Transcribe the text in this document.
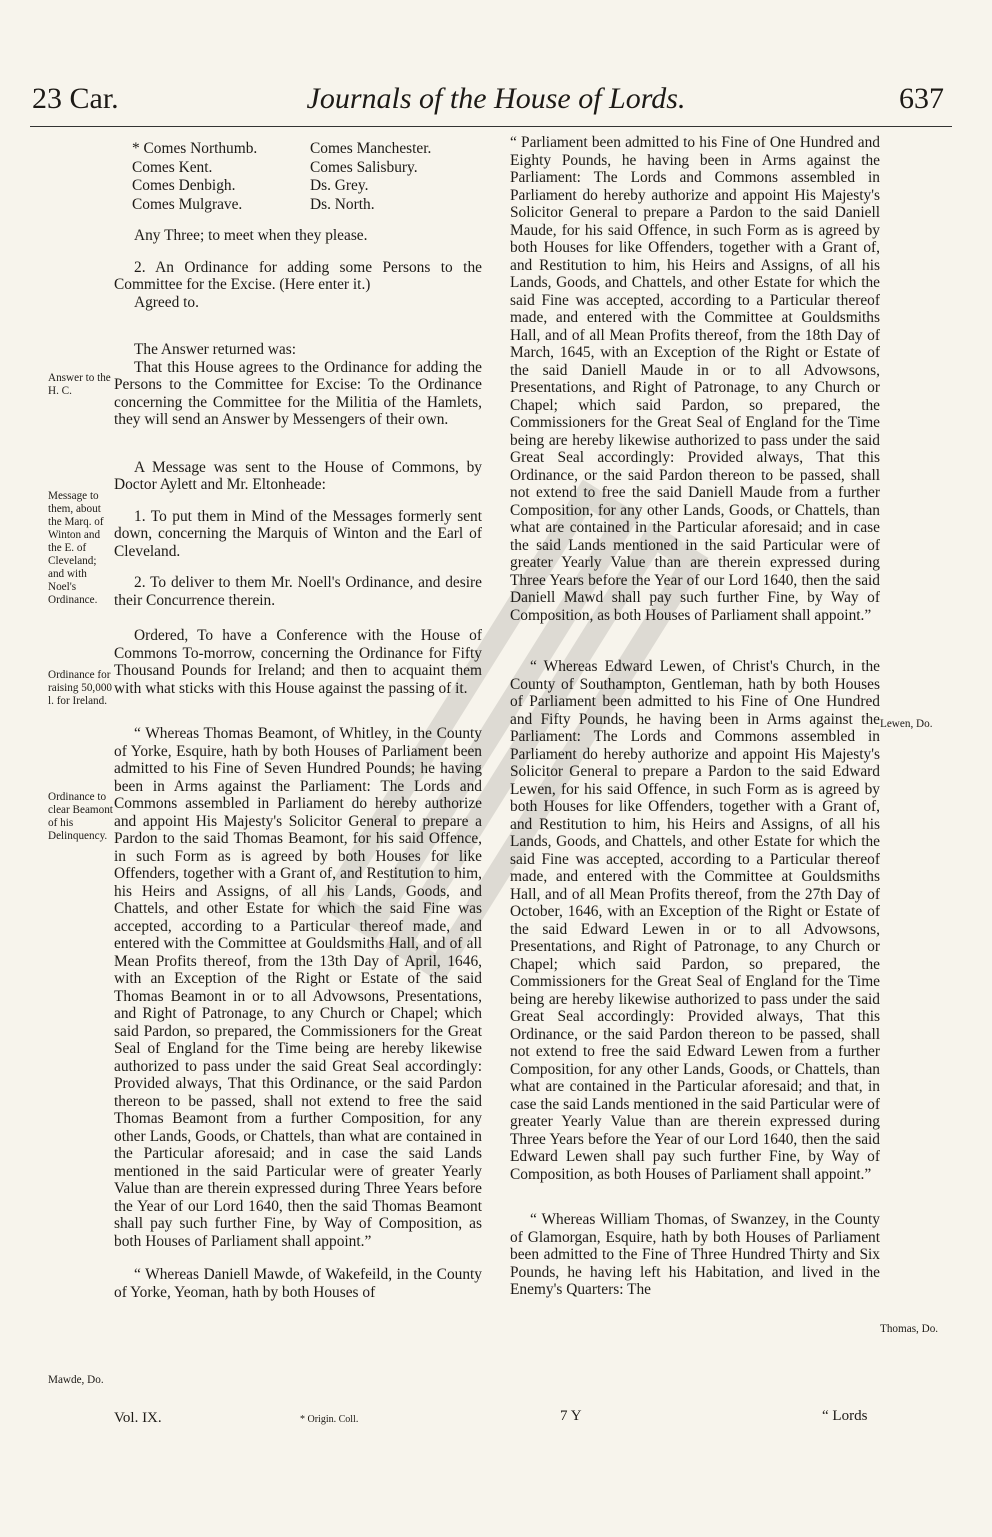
23 Car.	Journals of the House of Lords.	637
* Comes Northumb.	Comes Manchester.
Comes Kent.	Comes Salisbury.
Comes Denbigh.	Ds. Grey.
Comes Mulgrave.	Ds. North.

Any Three; to meet when they please.

2. An Ordinance for adding some Persons to the Committee for the Excise. (Here enter it.)

Agreed to.

The Answer returned was:

That this House agrees to the Ordinance for adding the Persons to the Committee for Excise: To the Ordinance concerning the Committee for the Militia of the Hamlets, they will send an Answer by Messengers of their own.

A Message was sent to the House of Commons, by Doctor Aylett and Mr. Eltonheade:

1. To put them in Mind of the Messages formerly sent down, concerning the Marquis of Winton and the Earl of Cleveland.

2. To deliver to them Mr. Noell's Ordinance, and desire their Concurrence therein.

Ordered, To have a Conference with the House of Commons To-morrow, concerning the Ordinance for Fifty Thousand Pounds for Ireland; and then to acquaint them with what sticks with this House against the passing of it.

“ Whereas Thomas Beamont, of Whitley, in the County of Yorke, Esquire, hath by both Houses of Parliament been admitted to his Fine of Seven Hundred Pounds; he having been in Arms against the Parliament: The Lords and Commons assembled in Parliament do hereby authorize and appoint His Majesty's Solicitor General to prepare a Pardon to the said Thomas Beamont, for his said Offence, in such Form as is agreed by both Houses for like Offenders, together with a Grant of, and Restitution to him, his Heirs and Assigns, of all his Lands, Goods, and Chattels, and other Estate for which the said Fine was accepted, according to a Particular thereof made, and entered with the Committee at Gouldsmiths Hall, and of all Mean Profits thereof, from the 13th Day of April, 1646, with an Exception of the Right or Estate of the said Thomas Beamont in or to all Advowsons, Presentations, and Right of Patronage, to any Church or Chapel; which said Pardon, so prepared, the Commissioners for the Great Seal of England for the Time being are hereby likewise authorized to pass under the said Great Seal accordingly: Provided always, That this Ordinance, or the said Pardon thereon to be passed, shall not extend to free the said Thomas Beamont from a further Composition, for any other Lands, Goods, or Chattels, than what are contained in the Particular aforesaid; and in case the said Lands mentioned in the said Particular were of greater Yearly Value than are therein expressed during Three Years before the Year of our Lord 1640, then the said Thomas Beamont shall pay such further Fine, by Way of Composition, as both Houses of Parliament shall appoint.”

“ Whereas Daniell Mawde, of Wakefeild, in the County of Yorke, Yeoman, hath by both Houses of

Answer to the H. C.
Message to them, about the Marq. of Winton and the E. of Cleveland; and with Noel's Ordinance.
Ordinance for raising 50,000 l. for Ireland.
Ordinance to clear Beamont of his Delinquency.
Mawde, Do.

“ Parliament been admitted to his Fine of One Hundred and Eighty Pounds, he having been in Arms against the Parliament: The Lords and Commons assembled in Parliament do hereby authorize and appoint His Majesty's Solicitor General to prepare a Pardon to the said Daniell Maude, for his said Offence, in such Form as is agreed by both Houses for like Offenders, together with a Grant of, and Restitution to him, his Heirs and Assigns, of all his Lands, Goods, and Chattels, and other Estate for which the said Fine was accepted, according to a Particular thereof made, and entered with the Committee at Gouldsmiths Hall, and of all Mean Profits thereof, from the 18th Day of March, 1645, with an Exception of the Right or Estate of the said Daniell Maude in or to all Advowsons, Presentations, and Right of Patronage, to any Church or Chapel; which said Pardon, so prepared, the Commissioners for the Great Seal of England for the Time being are hereby likewise authorized to pass under the said Great Seal accordingly: Provided always, That this Ordinance, or the said Pardon thereon to be passed, shall not extend to free the said Daniell Maude from a further Composition, for any other Lands, Goods, or Chattels, than what are contained in the Particular aforesaid; and in case the said Lands mentioned in the said Particular were of greater Yearly Value than are therein expressed during Three Years before the Year of our Lord 1640, then the said Daniell Mawd shall pay such further Fine, by Way of Composition, as both Houses of Parliament shall appoint.”

“ Whereas Edward Lewen, of Christ's Church, in the County of Southampton, Gentleman, hath by both Houses of Parliament been admitted to his Fine of One Hundred and Fifty Pounds, he having been in Arms against the Parliament: The Lords and Commons assembled in Parliament do hereby authorize and appoint His Majesty's Solicitor General to prepare a Pardon to the said Edward Lewen, for his said Offence, in such Form as is agreed by both Houses for like Offenders, together with a Grant of, and Restitution to him, his Heirs and Assigns, of all his Lands, Goods, and Chattels, and other Estate for which the said Fine was accepted, according to a Particular thereof made, and entered with the Committee at Gouldsmiths Hall, and of all Mean Profits thereof, from the 27th Day of October, 1646, with an Exception of the Right or Estate of the said Edward Lewen in or to all Advowsons, Presentations, and Right of Patronage, to any Church or Chapel; which said Pardon, so prepared, the Commissioners for the Great Seal of England for the Time being are hereby likewise authorized to pass under the said Great Seal accordingly: Provided always, That this Ordinance, or the said Pardon thereon to be passed, shall not extend to free the said Edward Lewen from a further Composition, for any other Lands, Goods, or Chattels, than what are contained in the Particular aforesaid; and that, in case the said Lands mentioned in the said Particular were of greater Yearly Value than are therein expressed during Three Years before the Year of our Lord 1640, then the said Edward Lewen shall pay such further Fine, by Way of Composition, as both Houses of Parliament shall appoint.”

“ Whereas William Thomas, of Swanzey, in the County of Glamorgan, Esquire, hath by both Houses of Parliament been admitted to the Fine of Three Hundred Thirty and Six Pounds, he having left his Habitation, and lived in the Enemy's Quarters: The

Lewen, Do.
Thomas, Do.
Vol. IX.	* Origin. Coll.	7 Y	“ Lords
